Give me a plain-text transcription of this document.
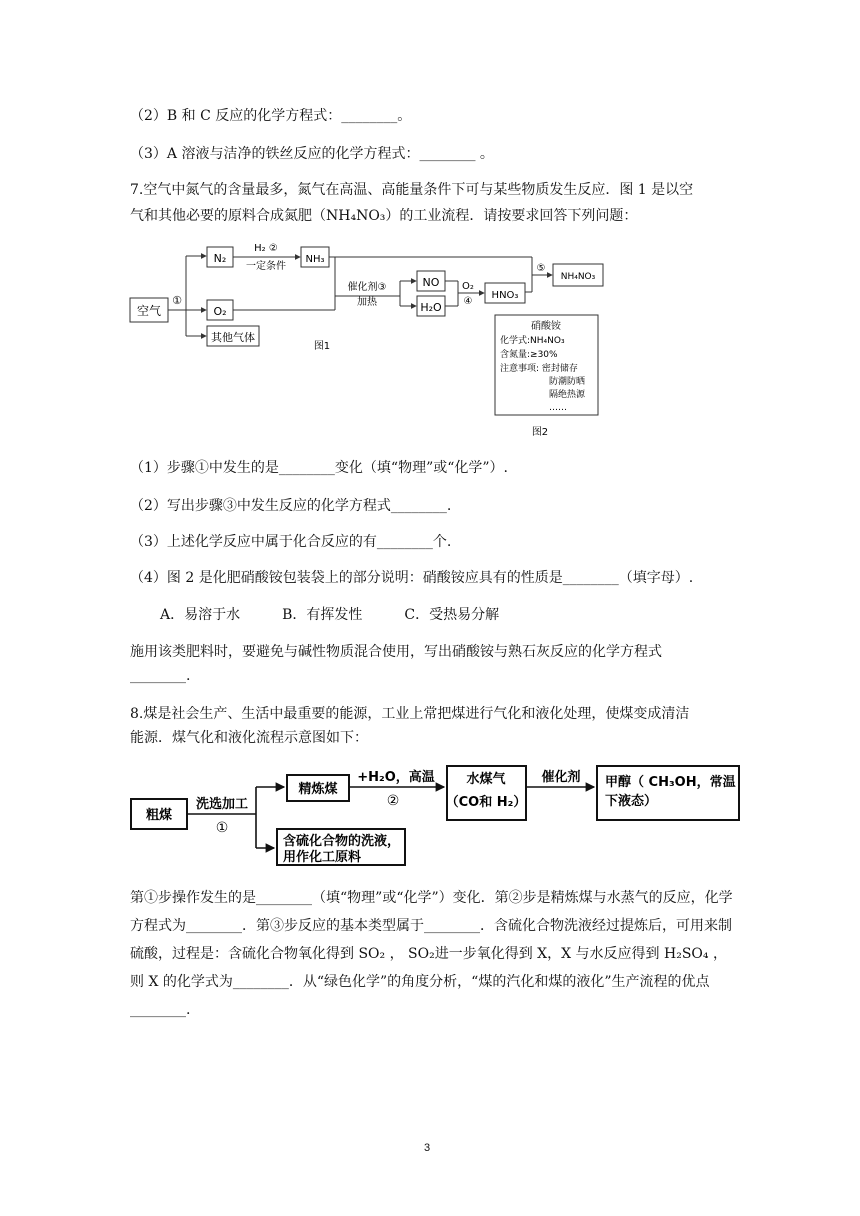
（2）B 和 C 反应的化学方程式：________。
（3）A 溶液与洁净的铁丝反应的化学方程式：________ 。
7.空气中氮气的含量最多，氮气在高温、高能量条件下可与某些物质发生反应．图 1 是以空
气和其他必要的原料合成氮肥（NH₄NO₃）的工业流程．请按要求回答下列问题：
空气
①
N₂
O₂
其他气体
H₂ ②
一定条件
NH₃
催化剂③
加热
NO
H₂O
O₂
④
HNO₃
⑤
NH₄NO₃
图1
硝酸铵
化学式:NH₄NO₃
含氮量:≥30%
注意事项: 密封储存
防潮防晒
隔绝热源
……
图2
（1）步骤①中发生的是________变化（填“物理”或“化学”）.
（2）写出步骤③中发生反应的化学方程式________.
（3）上述化学反应中属于化合反应的有________个.
（4）图 2 是化肥硝酸铵包装袋上的部分说明：硝酸铵应具有的性质是________（填字母）.
A．易溶于水　　　B．有挥发性　　　C．受热易分解
施用该类肥料时，要避免与碱性物质混合使用，写出硝酸铵与熟石灰反应的化学方程式
________.
8.煤是社会生产、生活中最重要的能源，工业上常把煤进行气化和液化处理，使煤变成清洁
能源．煤气化和液化流程示意图如下：
粗煤
洗选加工
①
精炼煤
+H₂O，高温
②
水煤气
（CO和 H₂）
催化剂 甲醇（ CH₃OH，常温
下液态）
含硫化合物的洗液，
用作化工原料
第①步操作发生的是________（填“物理”或“化学”）变化．第②步是精炼煤与水蒸气的反应，化学方程式为________．第③步反应的基本类型属于________．含硫化合物洗液经过提炼后，可用来制硫酸，过程是：含硫化合物氧化得到 SO₂ ， SO₂进一步氧化得到 X，X 与水反应得到 H₂SO₄ ， 则 X 的化学式为________．从“绿色化学”的角度分析，“煤的汽化和煤的液化”生产流程的优点________.
3
